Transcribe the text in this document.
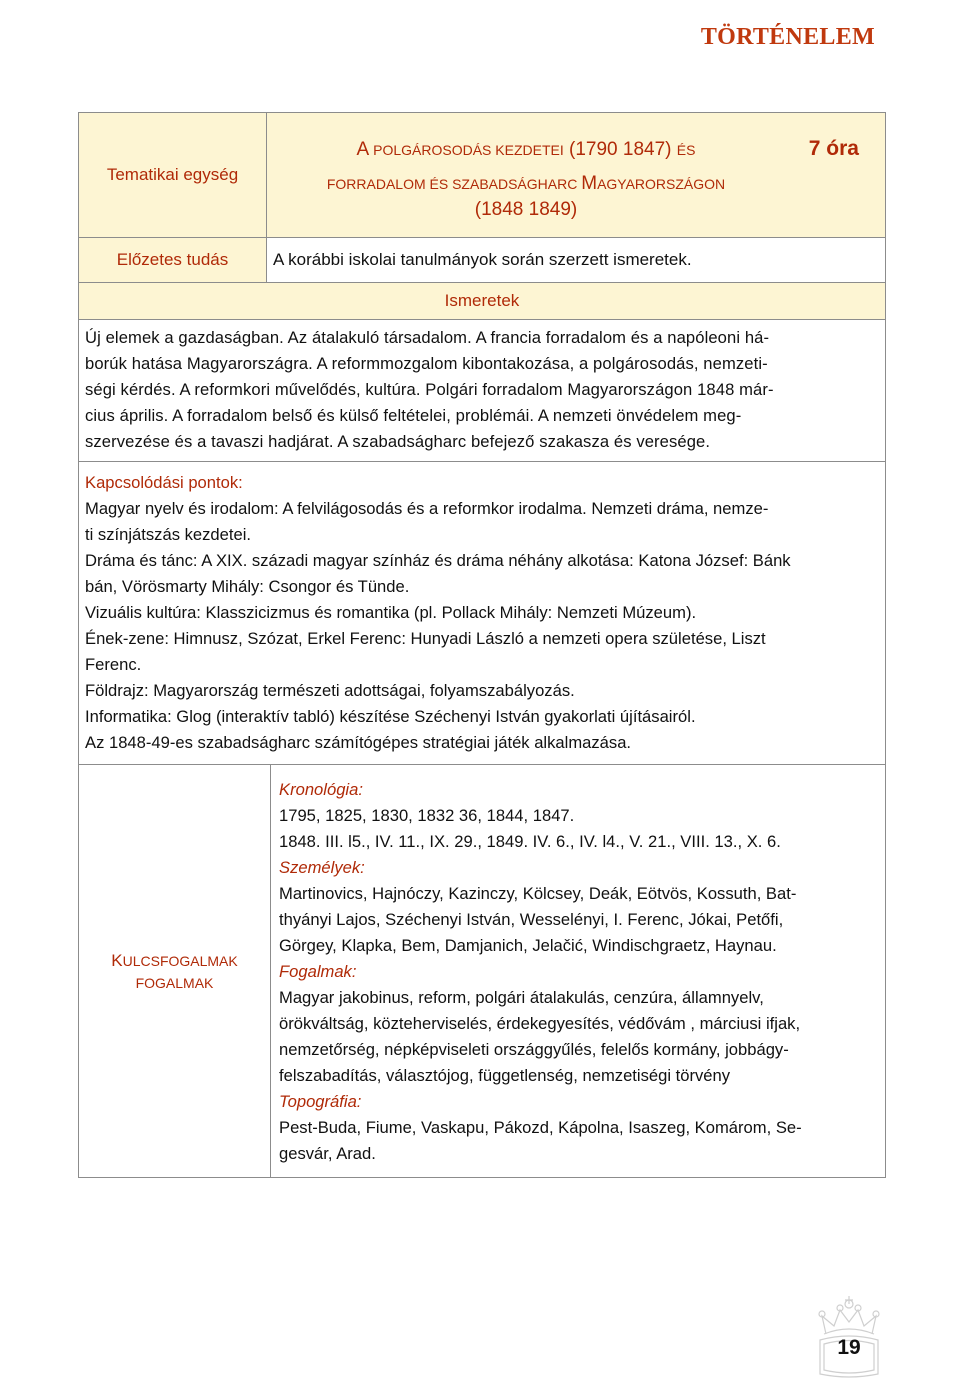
TÖRTÉNELEM
Tematikai egység
A POLGÁROSODÁS KEZDETEI (1790 1847) ÉS
FORRADALOM ÉS SZABADSÁGHARC MAGYARORSZÁGON
(1848 1849)
7 óra
Előzetes tudás	A korábbi iskolai tanulmányok során szerzett ismeretek.
Ismeretek
Új elemek a gazdaságban. Az átalakuló társadalom. A francia forradalom és a napóleoni há-
borúk hatása Magyarországra. A reformmozgalom kibontakozása, a polgárosodás, nemzeti-
ségi kérdés. A reformkori művelődés, kultúra. Polgári forradalom Magyarországon 1848 már-
cius április. A forradalom belső és külső feltételei, problémái. A nemzeti önvédelem meg-
szervezése és a tavaszi hadjárat. A szabadságharc befejező szakasza és veresége.
Kapcsolódási pontok:
Magyar nyelv és irodalom: A felvilágosodás és a reformkor irodalma. Nemzeti dráma, nemze-
ti színjátszás kezdetei.
Dráma és tánc: A XIX. századi magyar színház és dráma néhány alkotása: Katona József: Bánk
bán, Vörösmarty Mihály: Csongor és Tünde.
Vizuális kultúra: Klasszicizmus és romantika (pl. Pollack Mihály: Nemzeti Múzeum).
Ének-zene: Himnusz, Szózat, Erkel Ferenc: Hunyadi László a nemzeti opera születése, Liszt
Ferenc.
Földrajz: Magyarország természeti adottságai, folyamszabályozás.
Informatika: Glog (interaktív tabló) készítése Széchenyi István gyakorlati újításairól.
Az 1848-49-es szabadságharc számítógépes stratégiai játék alkalmazása.
KULCSFOGALMAK
FOGALMAK
Kronológia:
1795, 1825, 1830, 1832 36, 1844, 1847.
1848. III. l5., IV. 11., IX. 29., 1849. IV. 6., IV. l4., V. 21., VIII. 13., X. 6.
Személyek:
Martinovics, Hajnóczy, Kazinczy, Kölcsey, Deák, Eötvös, Kossuth, Bat-
thyányi Lajos, Széchenyi István, Wesselényi, I. Ferenc, Jókai, Petőfi,
Görgey, Klapka, Bem, Damjanich, Jelačić, Windischgraetz, Haynau.
Fogalmak:
Magyar jakobinus, reform, polgári átalakulás, cenzúra, államnyelv,
örökváltság, közteherviselés, érdekegyesítés, védővám , márciusi ifjak,
nemzetőrség, népképviseleti országgyűlés, felelős kormány, jobbágy-
felszabadítás, választójog, függetlenség, nemzetiségi törvény
Topográfia:
Pest-Buda, Fiume, Vaskapu, Pákozd, Kápolna, Isaszeg, Komárom, Se-
gesvár, Arad.
19
